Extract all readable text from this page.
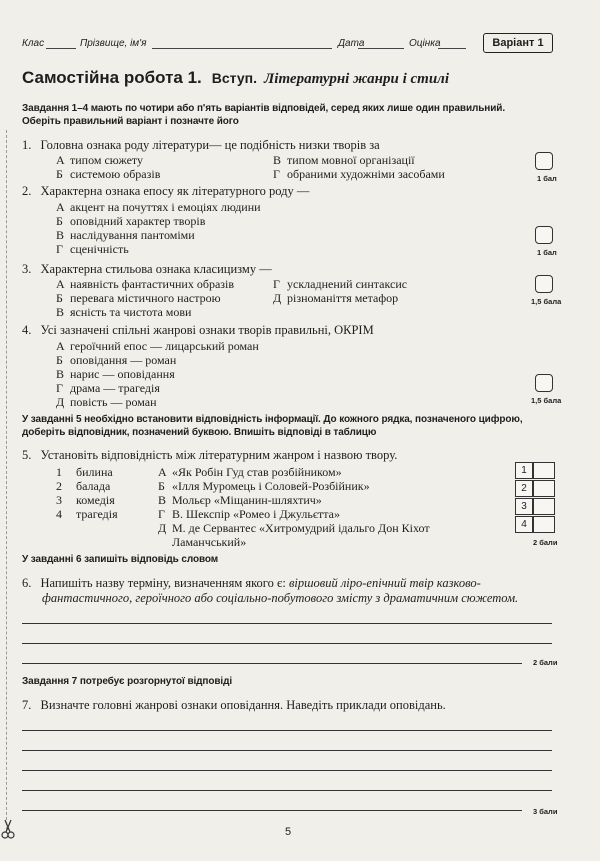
Клас	Прізвище, ім'я	Дата	Оцінка	Варіант 1
Самостійна робота 1. Вступ. Літературні жанри і стилі
Завдання 1–4 мають по чотири або п'ять варіантів відповідей, серед яких лише один правильний.
Оберіть правильний варіант і позначте його
1. Головна ознака роду літератури— це подібність низки творів за
А типом сюжету
Б системою образів
В типом мовної організації
Г обраними художніми засобами	1 бал
2. Характерна ознака епосу як літературного роду —
А акцент на почуттях і емоціях людини
Б оповідний характер творів
В наслідування пантоміми
Г сценічність	1 бал
3. Характерна стильова ознака класицизму —
А наявність фантастичних образів
Б перевага містичного настрою
В ясність та чистота мови
Г ускладнений синтаксис
Д різноманіття метафор	1,5 бала
4. Усі зазначені спільні жанрові ознаки творів правильні, ОКРІМ
А героїчний епос — лицарський роман
Б оповідання — роман
В нарис — оповідання
Г драма — трагедія
Д повість — роман	1,5 бала
У завданні 5 необхідно встановити відповідність інформації. До кожного рядка, позначеного цифрою,
доберіть відповідник, позначений буквою. Впишіть відповіді в таблицю
5. Установіть відповідність між літературним жанром і назвою твору.
1 билина
2 балада
3 комедія
4 трагедія
А «Як Робін Гуд став розбійником»
Б «Ілля Муромець і Соловей-Розбійник»
В Мольєр «Міщанин-шляхтич»
Г В. Шекспір «Ромео і Джульєтта»
Д М. де Сервантес «Хитромудрий ідальго Дон Кіхот
Ламанчський»
1
2
3
4
2 бали
У завданні 6 запишіть відповідь словом
6. Напишіть назву терміну, визначенням якого є: віршовий ліро-епічний твір казково-
фантастичного, героїчного або соціально-побутового змісту з драматичним сюжетом.
2 бали
Завдання 7 потребує розгорнутої відповіді
7. Визначте головні жанрові ознаки оповідання. Наведіть приклади оповідань.
3 бали
5
